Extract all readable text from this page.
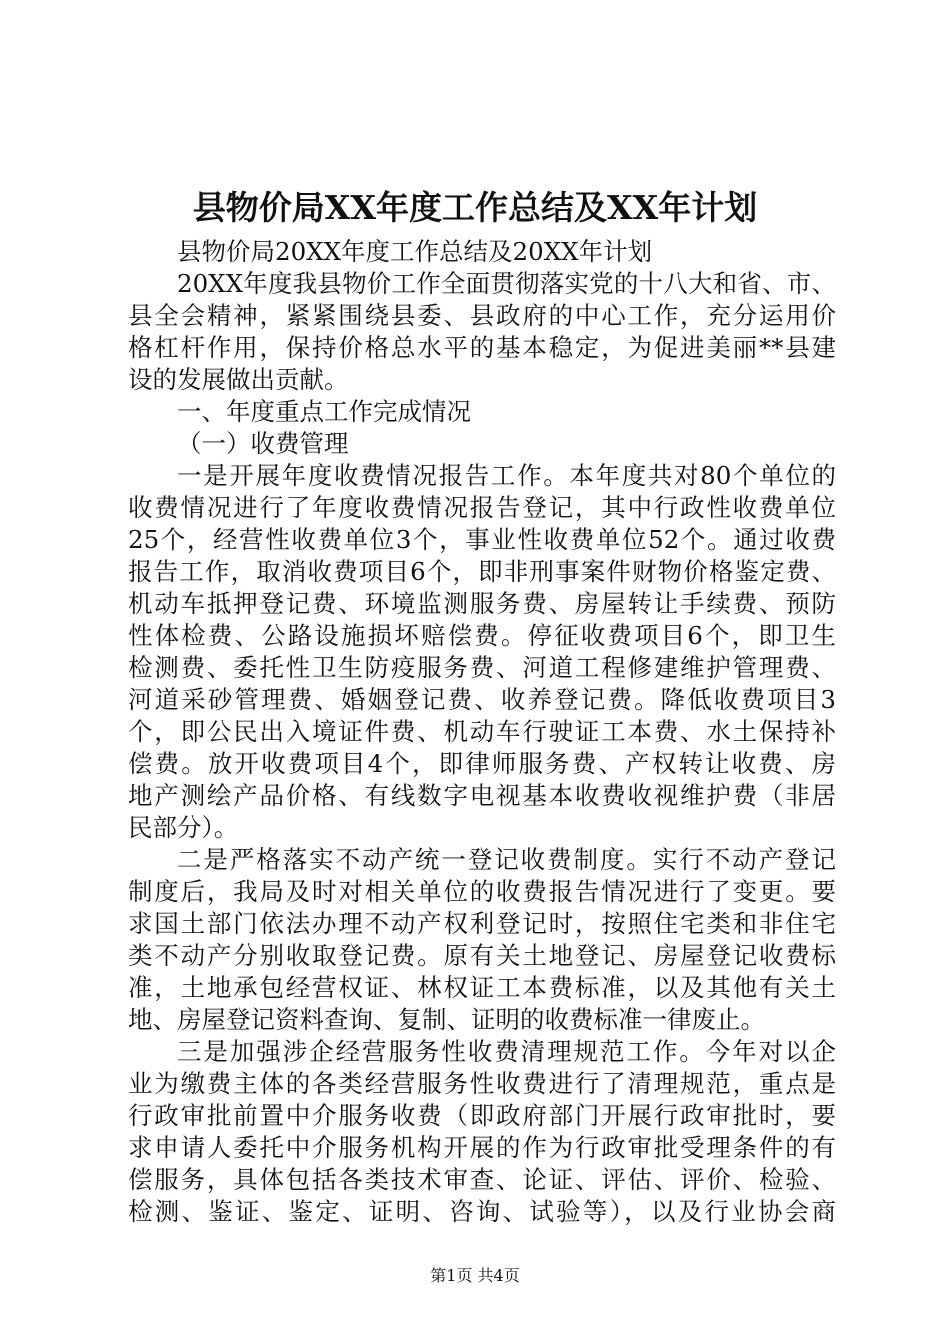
县物价局XX年度工作总结及XX年计划
县物价局20XX年度工作总结及20XX年计划
20XX年度我县物价工作全面贯彻落实党的十八大和省、市、
县全会精神，紧紧围绕县委、县政府的中心工作，充分运用价
格杠杆作用，保持价格总水平的基本稳定，为促进美丽**县建
设的发展做出贡献。
一、年度重点工作完成情况
（一）收费管理
一是开展年度收费情况报告工作。本年度共对80个单位的
收费情况进行了年度收费情况报告登记，其中行政性收费单位
25个，经营性收费单位3个，事业性收费单位52个。通过收费
报告工作，取消收费项目6个，即非刑事案件财物价格鉴定费、
机动车抵押登记费、环境监测服务费、房屋转让手续费、预防
性体检费、公路设施损坏赔偿费。停征收费项目6个，即卫生
检测费、委托性卫生防疫服务费、河道工程修建维护管理费、
河道采砂管理费、婚姻登记费、收养登记费。降低收费项目3
个，即公民出入境证件费、机动车行驶证工本费、水土保持补
偿费。放开收费项目4个，即律师服务费、产权转让收费、房
地产测绘产品价格、有线数字电视基本收费收视维护费（非居
民部分）。
二是严格落实不动产统一登记收费制度。实行不动产登记
制度后，我局及时对相关单位的收费报告情况进行了变更。要
求国土部门依法办理不动产权利登记时，按照住宅类和非住宅
类不动产分别收取登记费。原有关土地登记、房屋登记收费标
准，土地承包经营权证、林权证工本费标准，以及其他有关土
地、房屋登记资料查询、复制、证明的收费标准一律废止。
三是加强涉企经营服务性收费清理规范工作。今年对以企
业为缴费主体的各类经营服务性收费进行了清理规范，重点是
行政审批前置中介服务收费（即政府部门开展行政审批时，要
求申请人委托中介服务机构开展的作为行政审批受理条件的有
偿服务，具体包括各类技术审查、论证、评估、评价、检验、
检测、鉴证、鉴定、证明、咨询、试验等），以及行业协会商
第1页 共4页
